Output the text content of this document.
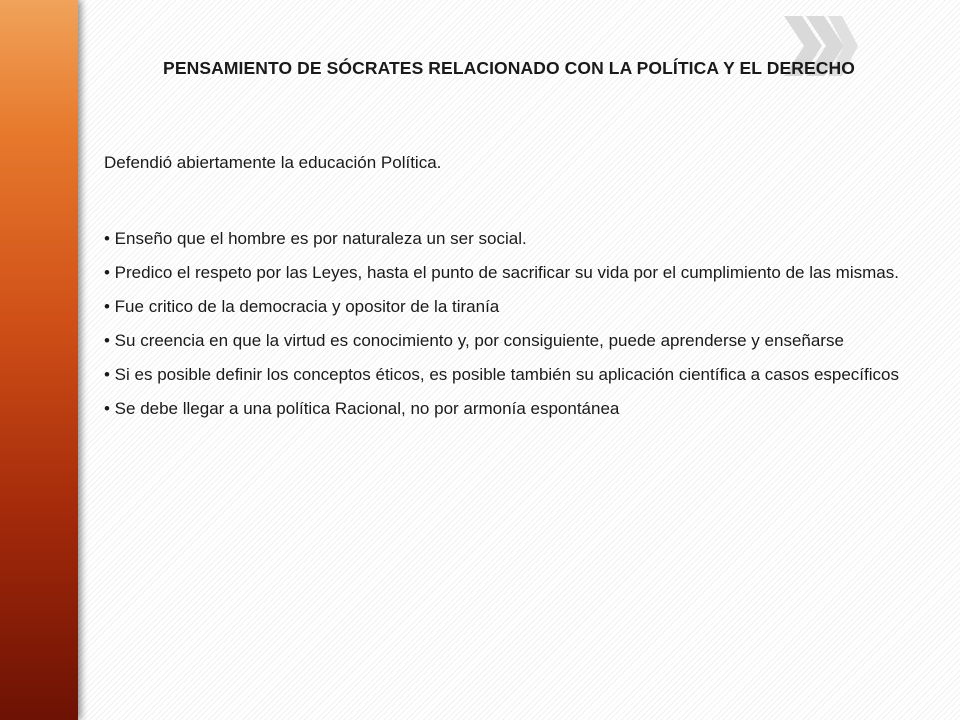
PENSAMIENTO DE SÓCRATES RELACIONADO CON LA POLÍTICA Y EL DERECHO

Defendió abiertamente la educación Política.

• Enseño que el hombre es por naturaleza un ser social.

• Predico el respeto por las Leyes, hasta el punto de sacrificar su vida por el cumplimiento de las mismas.

• Fue critico de la democracia y opositor de la tiranía

• Su creencia en que la virtud es conocimiento y, por consiguiente, puede aprenderse y enseñarse

• Si es posible definir los conceptos éticos, es posible también su aplicación científica a casos específicos

• Se debe llegar a una política Racional, no por armonía espontánea
